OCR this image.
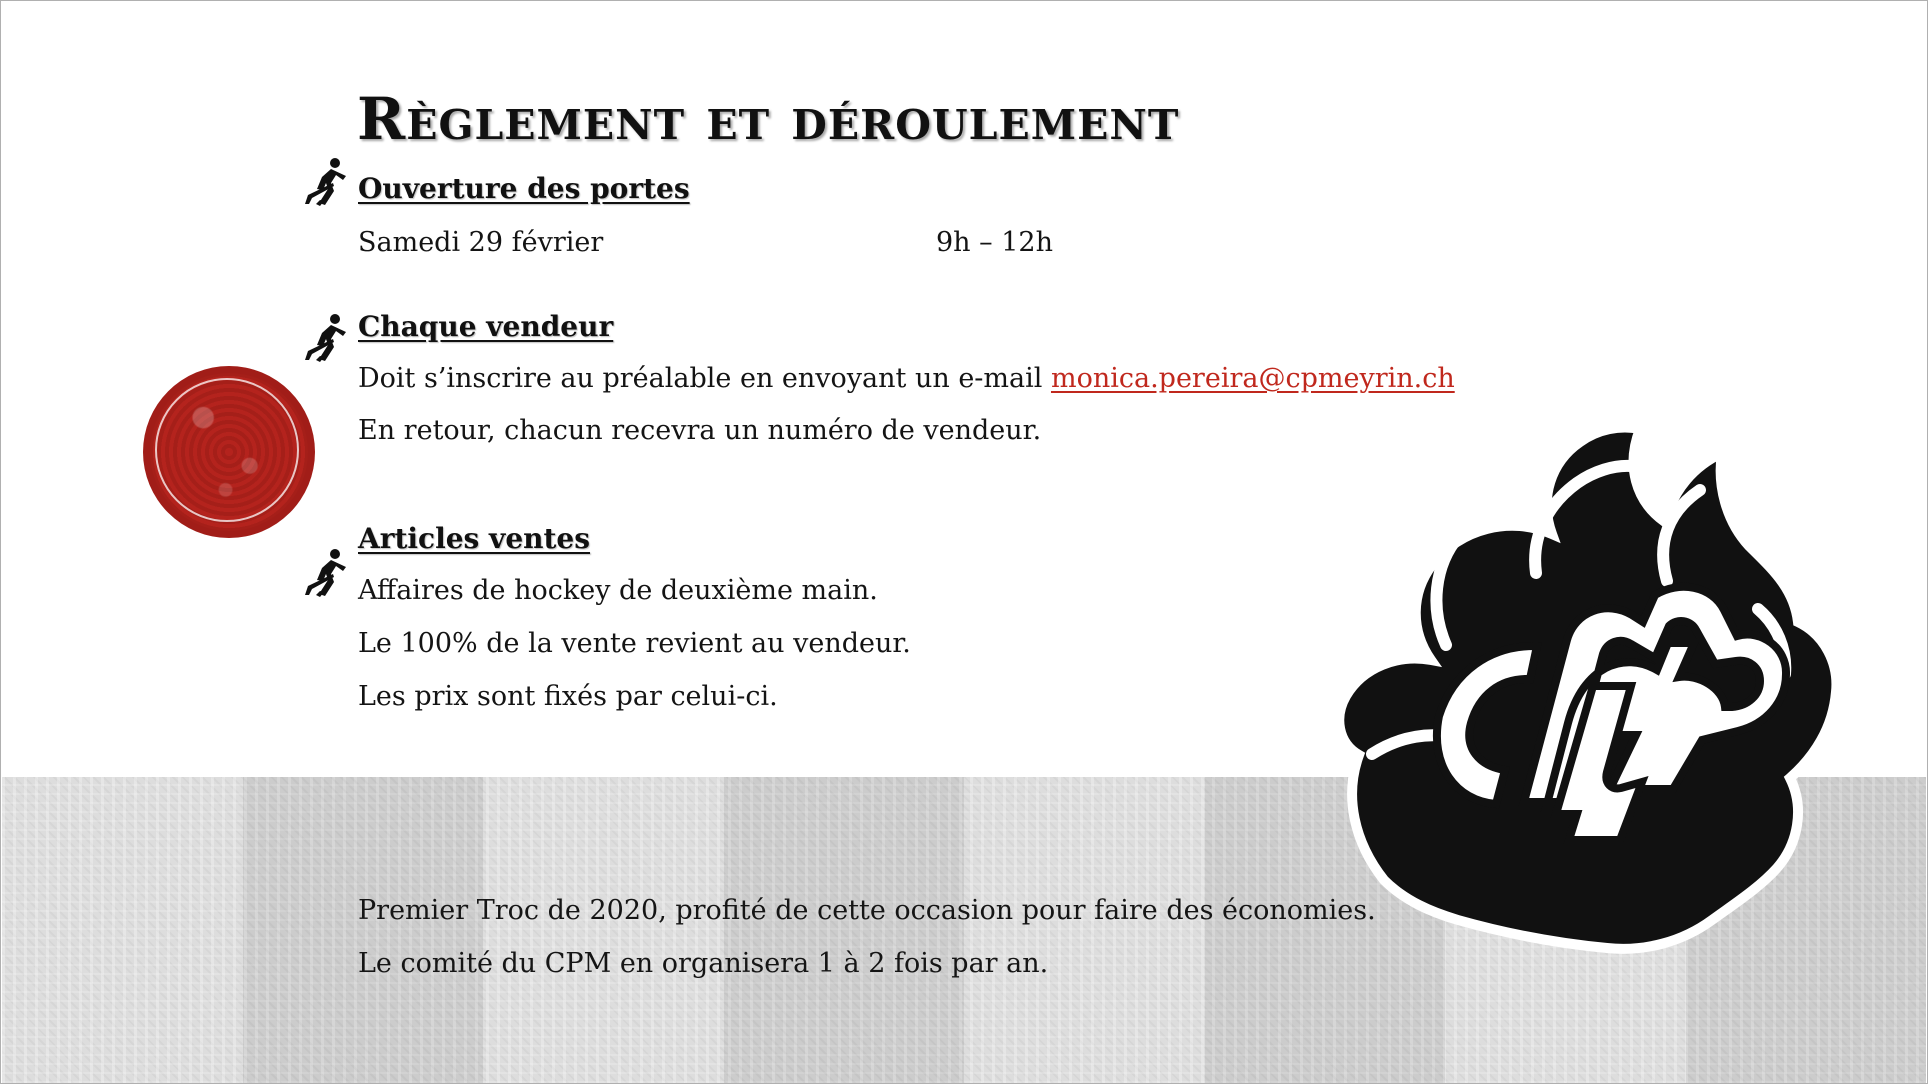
Règlement et déroulement
Ouverture des portes

Samedi 29 février	9h – 12h

Chaque vendeur

Doit s’inscrire au préalable en envoyant un e-mail monica.pereira@cpmeyrin.ch

En retour, chacun recevra un numéro de vendeur.

Articles ventes

Affaires de hockey de deuxième main.

Le 100% de la vente revient au vendeur.

Les prix sont fixés par celui-ci.

Premier Troc de 2020, profité de cette occasion pour faire des économies.

Le comité du CPM en organisera 1 à 2 fois par an.
